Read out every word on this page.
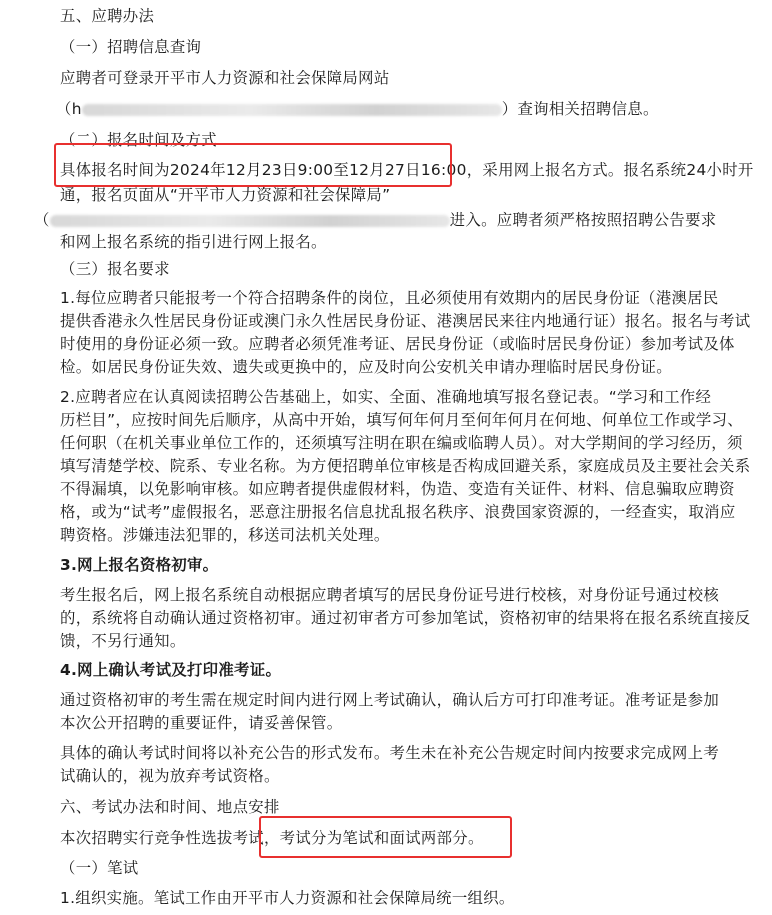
五、应聘办法

（一）招聘信息查询

应聘者可登录开平市人力资源和社会保障局网站

（h	）查询相关招聘信息。

（二）报名时间及方式

具体报名时间为2024年12月23日9:00至12月27日16:00，采用网上报名方式。报名系统24小时开

通，报名页面从“开平市人力资源和社会保障局”

（	进入。应聘者须严格按照招聘公告要求

和网上报名系统的指引进行网上报名。

（三）报名要求

1.每位应聘者只能报考一个符合招聘条件的岗位，且必须使用有效期内的居民身份证（港澳居民

提供香港永久性居民身份证或澳门永久性居民身份证、港澳居民来往内地通行证）报名。报名与考试

时使用的身份证必须一致。应聘者必须凭准考证、居民身份证（或临时居民身份证）参加考试及体

检。如居民身份证失效、遗失或更换中的，应及时向公安机关申请办理临时居民身份证。

2.应聘者应在认真阅读招聘公告基础上，如实、全面、准确地填写报名登记表。“学习和工作经

历栏目”，应按时间先后顺序，从高中开始，填写何年何月至何年何月在何地、何单位工作或学习、

任何职（在机关事业单位工作的，还须填写注明在职在编或临聘人员）。对大学期间的学习经历，须

填写清楚学校、院系、专业名称。为方便招聘单位审核是否构成回避关系，家庭成员及主要社会关系

不得漏填，以免影响审核。如应聘者提供虚假材料，伪造、变造有关证件、材料、信息骗取应聘资

格，或为“试考”虚假报名，恶意注册报名信息扰乱报名秩序、浪费国家资源的，一经查实，取消应

聘资格。涉嫌违法犯罪的，移送司法机关处理。

3.网上报名资格初审。

考生报名后，网上报名系统自动根据应聘者填写的居民身份证号进行校核，对身份证号通过校核

的，系统将自动确认通过资格初审。通过初审者方可参加笔试，资格初审的结果将在报名系统直接反

馈，不另行通知。

4.网上确认考试及打印准考证。

通过资格初审的考生需在规定时间内进行网上考试确认，确认后方可打印准考证。准考证是参加

本次公开招聘的重要证件，请妥善保管。

具体的确认考试时间将以补充公告的形式发布。考生未在补充公告规定时间内按要求完成网上考

试确认的，视为放弃考试资格。

六、考试办法和时间、地点安排

本次招聘实行竞争性选拔考试，考试分为笔试和面试两部分。

（一）笔试

1.组织实施。笔试工作由开平市人力资源和社会保障局统一组织。
